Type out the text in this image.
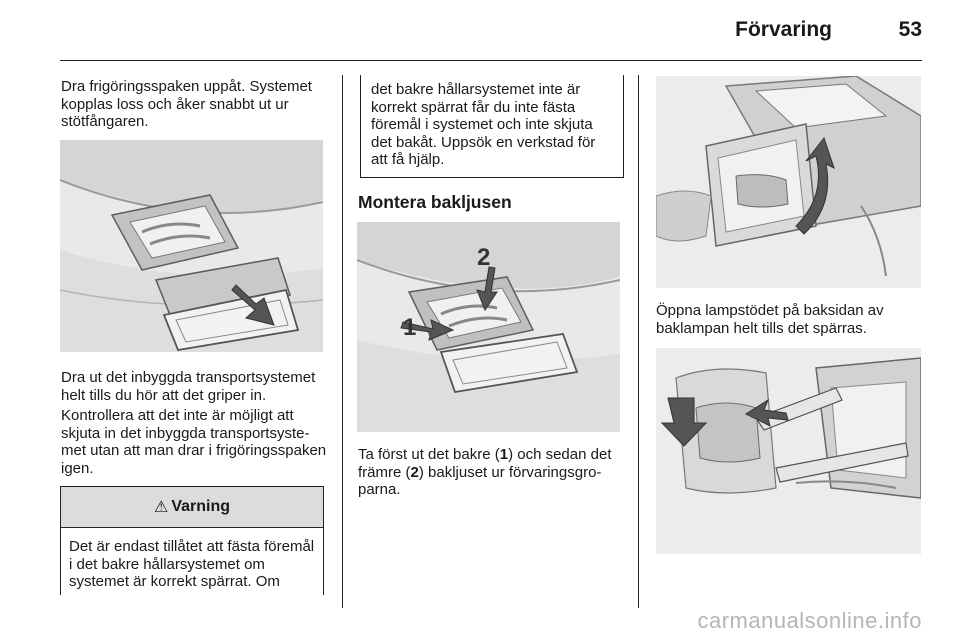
Förvaring	53
Dra frigöringsspaken uppåt. Systemet kopplas loss och åker snabbt ut ur stötfångaren.
Dra ut det inbyggda transportsystemet helt tills du hör att det griper in.
Kontrollera att det inte är möjligt att skjuta in det inbyggda transportsystemet utan att man drar i frigöringsspaken igen.
⚠ Varning
Det är endast tillåtet att fästa föremål i det bakre hållarsystemet om systemet är korrekt spärrat. Om
det bakre hållarsystemet inte är korrekt spärrat får du inte fästa föremål i systemet och inte skjuta det bakåt. Uppsök en verkstad för att få hjälp.
Montera bakljusen
1
2
Ta först ut det bakre (1) och sedan det främre (2) bakljuset ur förvaringsgroparna.
Öppna lampstödet på baksidan av baklampan helt tills det spärras.
carmanualsonline.info
